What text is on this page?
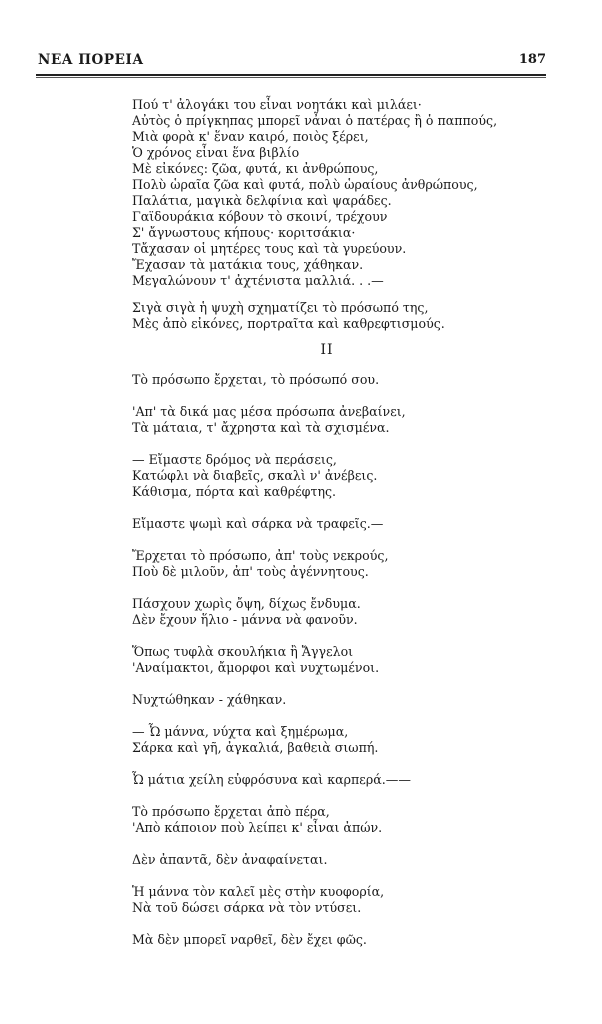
ΝΕΑ ΠΟΡΕΙΑ	187
Πού τ' ἀλογάκι του εἶναι νοητάκι καὶ μιλάει·
Αὐτὸς ὁ πρίγκηπας μπορεῖ νἆναι ὁ πατέρας ἢ ὁ παππούς,
Μιὰ φορὰ κ' ἕναν καιρό, ποιὸς ξέρει,
Ὁ χρόνος εἶναι ἕνα βιβλίο
Μὲ εἰκόνες: ζῶα, φυτά, κι ἀνθρώπους,
Πολὺ ὡραῖα ζῶα καὶ φυτά, πολὺ ὡραίους ἀνθρώπους,
Παλάτια, μαγικὰ δελφίνια καὶ ψαράδες.
Γαϊδουράκια κόβουν τὸ σκοινί, τρέχουν
Σ' ἄγνωστους κήπους· κοριτσάκια·
Τἄχασαν οἱ μητέρες τους καὶ τὰ γυρεύουν.
Ἔχασαν τὰ ματάκια τους, χάθηκαν.
Μεγαλώνουν τ' ἀχτένιστα μαλλιά. . .—
Σιγὰ σιγὰ ἡ ψυχὴ σχηματίζει τὸ πρόσωπό της,
Μὲς ἀπὸ εἰκόνες, πορτραῖτα καὶ καθρεφτισμούς.
II
Τὸ πρόσωπο ἔρχεται, τὸ πρόσωπό σου.
'Απ' τὰ δικά μας μέσα πρόσωπα ἀνεβαίνει,
Τὰ μάταια, τ' ἄχρηστα καὶ τὰ σχισμένα.
— Εἴμαστε δρόμος νὰ περάσεις,
Κατώφλι νὰ διαβεῖς, σκαλὶ ν' ἀνέβεις.
Κάθισμα, πόρτα καὶ καθρέφτης.
Εἴμαστε ψωμὶ καὶ σάρκα νὰ τραφεῖς.—
Ἔρχεται τὸ πρόσωπο, ἀπ' τοὺς νεκρούς,
Ποὺ δὲ μιλοῦν, ἀπ' τοὺς ἀγέννητους.
Πάσχουν χωρὶς ὄψη, δίχως ἔνδυμα.
Δὲν ἔχουν ἥλιο - μάννα νὰ φανοῦν.
Ὅπως τυφλὰ σκουλήκια ἢ Ἄγγελοι
'Αναίμακτοι, ἄμορφοι καὶ νυχτωμένοι.
Νυχτώθηκαν - χάθηκαν.
— Ὦ μάννα, νύχτα καὶ ξημέρωμα,
Σάρκα καὶ γῆ, ἀγκαλιά, βαθειὰ σιωπή.
Ὦ μάτια χείλη εὐφρόσυνα καὶ καρπερά.——
Τὸ πρόσωπο ἔρχεται ἀπὸ πέρα,
'Απὸ κάποιον ποὺ λείπει κ' εἶναι ἀπών.
Δὲν ἀπαντᾶ, δὲν ἀναφαίνεται.
Ἡ μάννα τὸν καλεῖ μὲς στὴν κυοφορία,
Νὰ τοῦ δώσει σάρκα νὰ τὸν ντύσει.
Μὰ δὲν μπορεῖ ναρθεῖ, δὲν ἔχει φῶς.
